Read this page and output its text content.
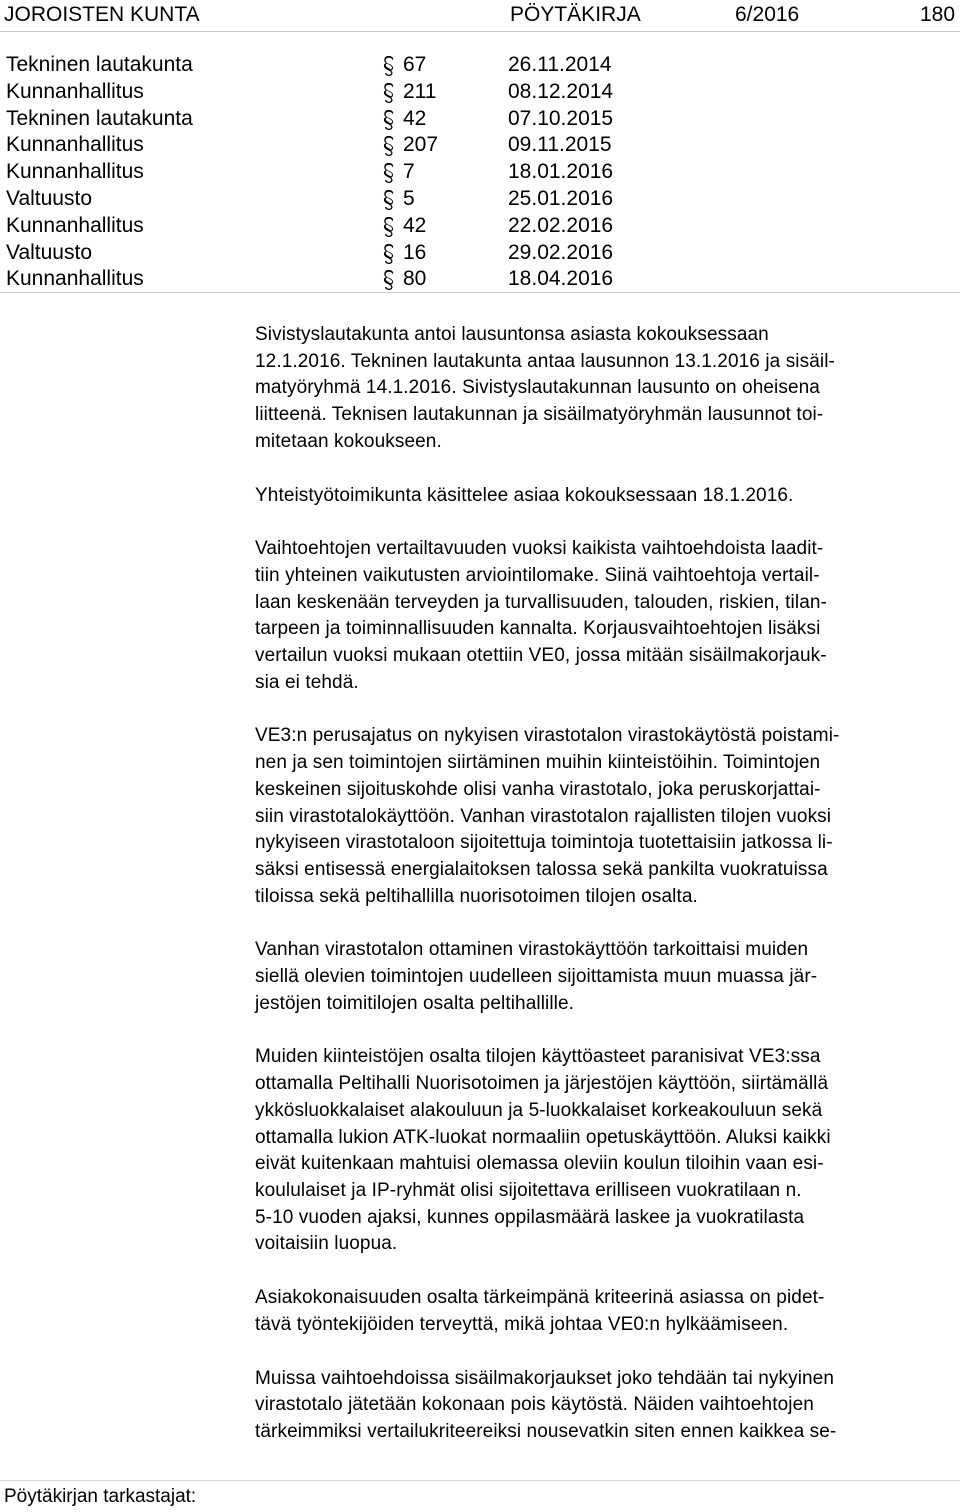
JOROISTEN KUNTA	PÖYTÄKIRJA	6/2016	180
Tekninen lautakunta	67	26.11.2014
Kunnanhallitus	211	08.12.2014
Tekninen lautakunta	42	07.10.2015
Kunnanhallitus	207	09.11.2015
Kunnanhallitus	7	18.01.2016
Valtuusto	5	25.01.2016
Kunnanhallitus	42	22.02.2016
Valtuusto	16	29.02.2016
Kunnanhallitus	80	18.04.2016

Sivistyslautakunta antoi lausuntonsa asiasta kokouksessaan
12.1.2016. Tekninen lautakunta antaa lausunnon 13.1.2016 ja sisäil-
matyöryhmä 14.1.2016. Sivistyslautakunnan lausunto on oheisena
liitteenä. Teknisen lautakunnan ja sisäilmatyöryhmän lausunnot toi-
mitetaan kokoukseen.

Yhteistyötoimikunta käsittelee asiaa kokouksessaan 18.1.2016.

Vaihtoehtojen vertailtavuuden vuoksi kaikista vaihtoehdoista laadit-
tiin yhteinen vaikutusten arviointilomake. Siinä vaihtoehtoja vertail-
laan keskenään terveyden ja turvallisuuden, talouden, riskien, tilan-
tarpeen ja toiminnallisuuden kannalta. Korjausvaihtoehtojen lisäksi
vertailun vuoksi mukaan otettiin VE0, jossa mitään sisäilmakorjauk-
sia ei tehdä.

VE3:n perusajatus on nykyisen virastotalon virastokäytöstä poistami-
nen ja sen toimintojen siirtäminen muihin kiinteistöihin. Toimintojen
keskeinen sijoituskohde olisi vanha virastotalo, joka peruskorjattai-
siin virastotalokäyttöön. Vanhan virastotalon rajallisten tilojen vuoksi
nykyiseen virastotaloon sijoitettuja toimintoja tuotettaisiin jatkossa li-
säksi entisessä energialaitoksen talossa sekä pankilta vuokratuissa
tiloissa sekä peltihallilla nuorisotoimen tilojen osalta.

Vanhan virastotalon ottaminen virastokäyttöön tarkoittaisi muiden
siellä olevien toimintojen uudelleen sijoittamista muun muassa jär-
jestöjen toimitilojen osalta peltihallille.

Muiden kiinteistöjen osalta tilojen käyttöasteet paranisivat VE3:ssa
ottamalla Peltihalli Nuorisotoimen ja järjestöjen käyttöön, siirtämällä
ykkösluokkalaiset alakouluun ja 5-luokkalaiset korkeakouluun sekä
ottamalla lukion ATK-luokat normaaliin opetuskäyttöön. Aluksi kaikki
eivät kuitenkaan mahtuisi olemassa oleviin koulun tiloihin vaan esi-
koululaiset ja IP-ryhmät olisi sijoitettava erilliseen vuokratilaan n.
5-10 vuoden ajaksi, kunnes oppilasmäärä laskee ja vuokratilasta
voitaisiin luopua.

Asiakokonaisuuden osalta tärkeimpänä kriteerinä asiassa on pidet-
tävä työntekijöiden terveyttä, mikä johtaa VE0:n hylkäämiseen.

Muissa vaihtoehdoissa sisäilmakorjaukset joko tehdään tai nykyinen
virastotalo jätetään kokonaan pois käytöstä. Näiden vaihtoehtojen
tärkeimmiksi vertailukriteereiksi nousevatkin siten ennen kaikkea se-

Pöytäkirjan tarkastajat:
